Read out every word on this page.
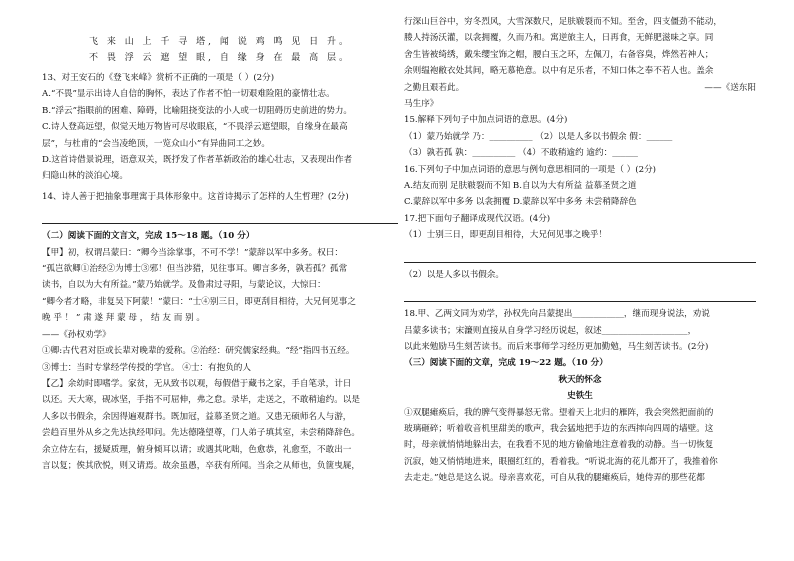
飞 来 山 上 千 寻 塔, 闻 说 鸡 鸣 见 日 升。

不 畏 浮 云 遮 望 眼, 自 缘 身 在 最 高 层。

13、对王安石的《登飞来峰》赏析不正确的一项是（ ）(2分)

A.“不畏”显示出诗人自信的胸怀，表达了作者不怕一切艰难险阻的豪情壮志。

B.“浮云”指眼前的困难、障碍，比喻阻挠变法的小人或一切阻碍历史前进的势力。

C.诗人登高远望，似觉天地万物皆可尽收眼底，“不畏浮云遮望眼，自缘身在最高

层”，与杜甫的“会当凌绝顶，一览众山小”有异曲同工之妙。

D.这首诗借景说理，语意双关，既抒发了作者革新政治的雄心壮志，又表现出作者

归隐山林的淡泊心境。

14、诗人善于把抽象事理寓于具体形象中。这首诗揭示了怎样的人生哲理？(2分)

（二）阅读下面的文言文，完成 15～18 题。（10 分）

【甲】初，权谓吕蒙曰：“卿今当涂掌事，不可不学！”蒙辞以军中多务。权曰：

“孤岂欲卿①治经②为博士③邪！但当涉猎，见往事耳。卿言多务，孰若孤？孤常

读书，自以为大有所益。”蒙乃始就学。及鲁肃过寻阳，与蒙论议，大惊曰：

“卿今者才略，非复吴下阿蒙！”蒙曰：“士④别三日，即更刮目相待，大兄何见事之

晚 乎 ！ ” 肃 遂 拜 蒙 母 ， 结 友 而 别 。

——《孙权劝学》

①卿:古代君对臣或长辈对晚辈的爱称。②治经：研究儒家经典。“经”指四书五经。

③博士：当时专掌经学传授的学官。 ④士：有抱负的人

【乙】余幼时即嗜学。家贫，无从致书以观，每假借于藏书之家，手自笔录，计日

以还。天大寒，砚冰坚，手指不可屈伸，弗之怠。录毕，走送之，不敢稍逾约。以是

人多以书假余，余因得遍观群书。既加冠，益慕圣贤之道。又患无硕师名人与游，

尝趋百里外从乡之先达执经叩问。先达德隆望尊，门人弟子填其室，未尝稍降辞色。

余立侍左右，援疑质理，俯身倾耳以请；或遇其叱咄，色愈恭，礼愈至，不敢出一

言以复；俟其欣悦，则又请焉。故余虽愚，卒获有所闻。当余之从师也，负箧曳屣，

行深山巨谷中，穷冬烈风，大雪深数尺，足肤皲裂而不知。至舍，四支僵劲不能动，

媵人持汤沃灌，以衾拥覆，久而乃和。寓逆旅主人，日再食，无鲜肥滋味之享。同

舍生皆被绮绣，戴朱缨宝饰之帽，腰白玉之环，左佩刀，右备容臭，烨然若神人；

余则缊袍敝衣处其间，略无慕艳意。以中有足乐者，不知口体之奉不若人也。盖余

之勤且艰若此。	——《送东阳

马生序》

15.解释下列句子中加点词语的意思。(4分)

（1）蒙乃始就学 乃：__________ （2）以是人多以书假余 假：______

（3）孰若孤 孰：__________ （4）不敢稍逾约 逾约：______

16.下列句子中加点词语的意思与例句意思相同的一项是（ ）(2分)

A.结友而别 足肤皲裂而不知 B.自以为大有所益 益慕圣贤之道

C.蒙辞以军中多务 以衾拥覆 D.蒙辞以军中多务 未尝稍降辞色

17.把下面句子翻译成现代汉语。(4分)

（1）士别三日，即更刮目相待，大兄何见事之晚乎！

（2）以是人多以书假余。

18.甲、乙两文同为劝学，孙权先向吕蒙提出____________，继而现身说法，劝说

吕蒙多读书；宋濂则直接从自身学习经历说起，叙述____________________，

以此来勉励马生刻苦读书。而后来事师学习经历更加勤勉，马生刻苦读书。(2分)

（三）阅读下面的文章，完成 19～22 题。（10 分）

秋天的怀念

史铁生

①双腿瘫痪后，我的脾气变得暴怒无常。望着天上北归的雁阵，我会突然把面前的

玻璃砸碎；听着收音机里甜美的歌声，我会猛地把手边的东西摔向四周的墙壁。这

时，母亲就悄悄地躲出去，在我看不见的地方偷偷地注意着我的动静。当一切恢复

沉寂，她又悄悄地进来，眼圈红红的，看着我。“听说北海的花儿都开了，我推着你

去走走。”她总是这么说。母亲喜欢花，可自从我的腿瘫痪后，她侍弄的那些花都
